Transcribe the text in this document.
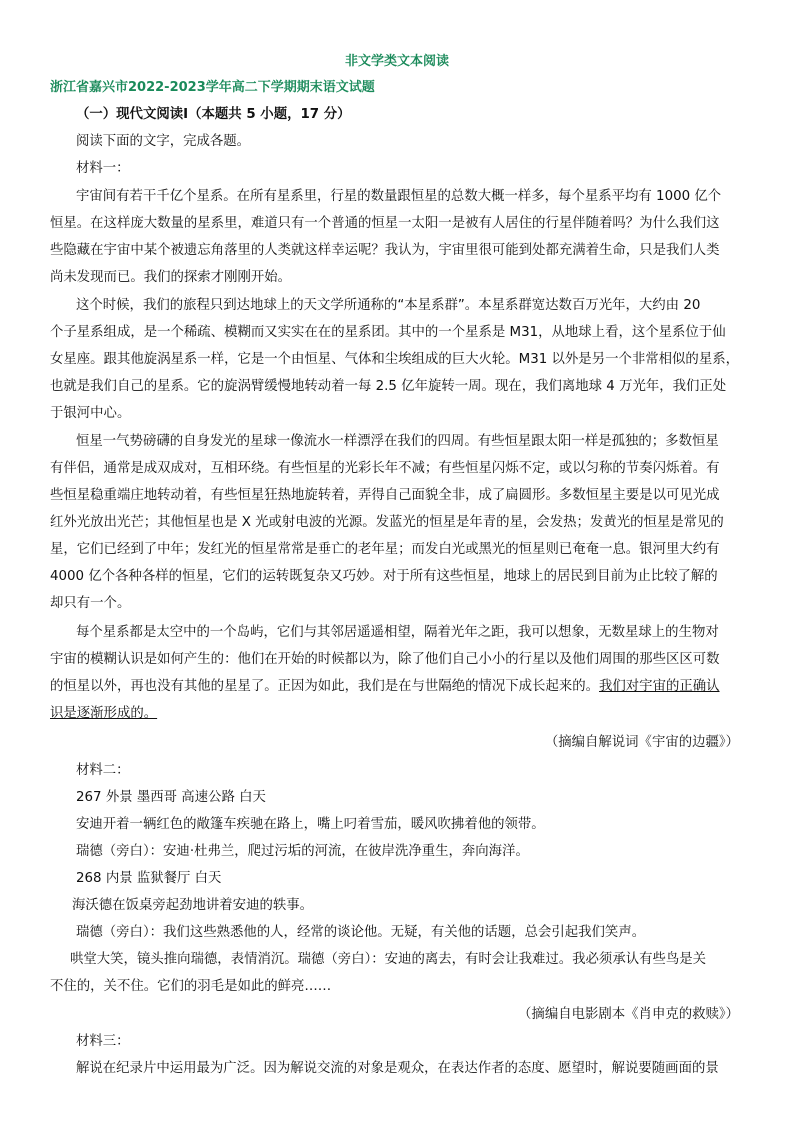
非文学类文本阅读
浙江省嘉兴市2022-2023学年高二下学期期末语文试题
（一）现代文阅读Ⅰ（本题共 5 小题，17 分）
阅读下面的文字，完成各题。
材料一：
宇宙间有若干千亿个星系。在所有星系里，行星的数量跟恒星的总数大概一样多，每个星系平均有 1000 亿个
恒星。在这样庞大数量的星系里，难道只有一个普通的恒星一太阳一是被有人居住的行星伴随着吗？为什么我们这
些隐藏在宇宙中某个被遗忘角落里的人类就这样幸运呢？我认为，宇宙里很可能到处都充满着生命，只是我们人类
尚未发现而已。我们的探索才刚刚开始。
这个时候，我们的旅程只到达地球上的天文学所通称的“本星系群”。本星系群宽达数百万光年，大约由 20
个子星系组成，是一个稀疏、模糊而又实实在在的星系团。其中的一个星系是 M31，从地球上看，这个星系位于仙
女星座。跟其他旋涡星系一样，它是一个由恒星、气体和尘埃组成的巨大火轮。M31 以外是另一个非常相似的星系，
也就是我们自己的星系。它的旋涡臂缓慢地转动着一每 2.5 亿年旋转一周。现在，我们离地球 4 万光年，我们正处
于银河中心。
恒星一气势磅礴的自身发光的星球一像流水一样漂浮在我们的四周。有些恒星跟太阳一样是孤独的；多数恒星
有伴侣，通常是成双成对，互相环绕。有些恒星的光彩长年不减；有些恒星闪烁不定，或以匀称的节奏闪烁着。有
些恒星稳重端庄地转动着，有些恒星狂热地旋转着，弄得自己面貌全非，成了扁圆形。多数恒星主要是以可见光成
红外光放出光芒；其他恒星也是 X 光或射电波的光源。发蓝光的恒星是年青的星，会发热；发黄光的恒星是常见的
星，它们已经到了中年；发红光的恒星常常是垂亡的老年星；而发白光或黑光的恒星则已奄奄一息。银河里大约有
4000 亿个各种各样的恒星，它们的运转既复杂又巧妙。对于所有这些恒星，地球上的居民到目前为止比较了解的
却只有一个。
每个星系都是太空中的一个岛屿，它们与其邻居遥遥相望，隔着光年之距，我可以想象，无数星球上的生物对
宇宙的模糊认识是如何产生的：他们在开始的时候都以为，除了他们自己小小的行星以及他们周围的那些区区可数
的恒星以外，再也没有其他的星星了。正因为如此，我们是在与世隔绝的情况下成长起来的。我们对宇宙的正确认
识是逐渐形成的。
（摘编自解说词《宇宙的边疆》）
材料二：
267 外景 墨西哥 高速公路 白天
安迪开着一辆红色的敞篷车疾驰在路上，嘴上叼着雪茄，暖风吹拂着他的领带。
瑞德（旁白）：安迪·杜弗兰，爬过污垢的河流，在彼岸洗净重生，奔向海洋。
268 内景 监狱餐厅 白天
海沃德在饭桌旁起劲地讲着安迪的轶事。
瑞德（旁白）：我们这些熟悉他的人，经常的谈论他。无疑，有关他的话题，总会引起我们笑声。
哄堂大笑，镜头推向瑞德，表情消沉。瑞德（旁白）：安迪的离去，有时会让我难过。我必须承认有些鸟是关
不住的，关不住。它们的羽毛是如此的鲜亮……
（摘编自电影剧本《肖申克的救赎》）
材料三：
解说在纪录片中运用最为广泛。因为解说交流的对象是观众，在表达作者的态度、愿望时，解说要随画面的景
